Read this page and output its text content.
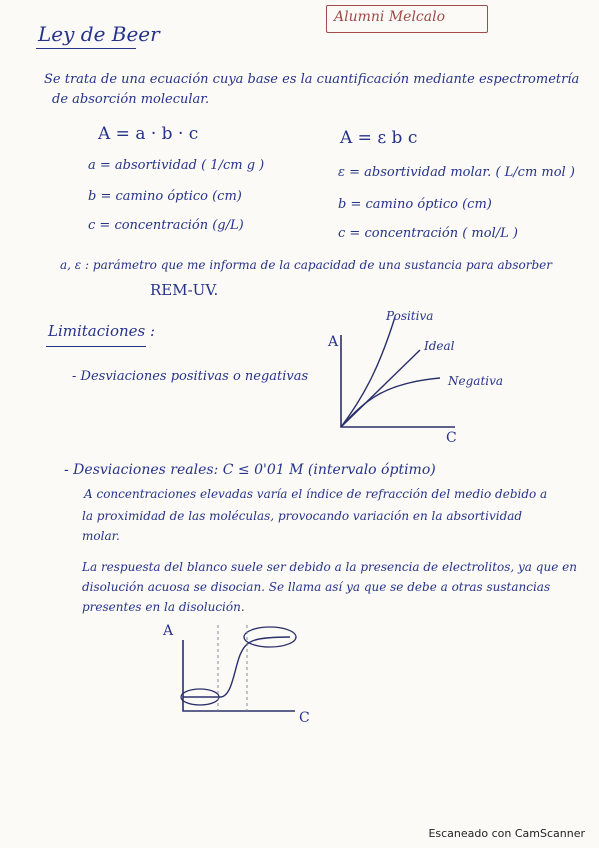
Ley de Beer
Alumni Melcalo
Se trata de una ecuación cuya base es la cuantificación mediante espectrometría
de absorción molecular.
A = a · b · c
a = absortividad ( 1/cm g )
b = camino óptico (cm)
c = concentración (g/L)
A = ε b c
ε = absortividad molar. ( L/cm mol )
b = camino óptico (cm)
c = concentración ( mol/L )
a, ε : parámetro que me informa de la capacidad de una sustancia para absorber
REM-UV.
Limitaciones :
- Desviaciones positivas o negativas
A
C
Positiva
Ideal
Negativa
- Desviaciones reales: C ≤ 0'01 M (intervalo óptimo)
A concentraciones elevadas varía el índice de refracción del medio debido a
la proximidad de las moléculas, provocando variación en la absortividad
molar.
La respuesta del blanco suele ser debido a la presencia de electrolitos, ya que en
disolución acuosa se disocian. Se llama así ya que se debe a otras sustancias
presentes en la disolución.
A
C
Escaneado con CamScanner
